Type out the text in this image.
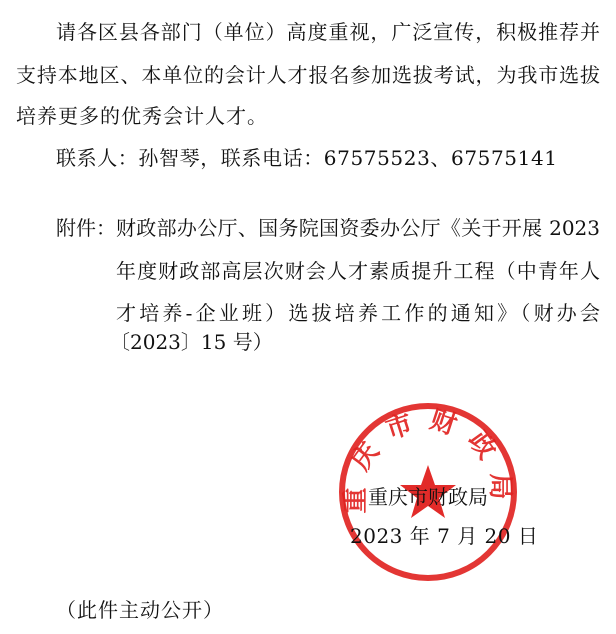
请各区县各部门（单位）高度重视，广泛宣传，积极推荐并

支持本地区、本单位的会计人才报名参加选拔考试，为我市选拔

培养更多的优秀会计人才。

联系人：孙智琴，联系电话：67575523、67575141

附件： 财政部办公厅、国务院国资委办公厅《关于开展 2023

年度财政部高层次财会人才素质提升工程（中青年人

才培养-企业班）选拔培养工作的通知》（财办会

〔2023〕15 号）

重庆市财政局
重庆市财政局
2023 年 7 月 20 日

（此件主动公开）
